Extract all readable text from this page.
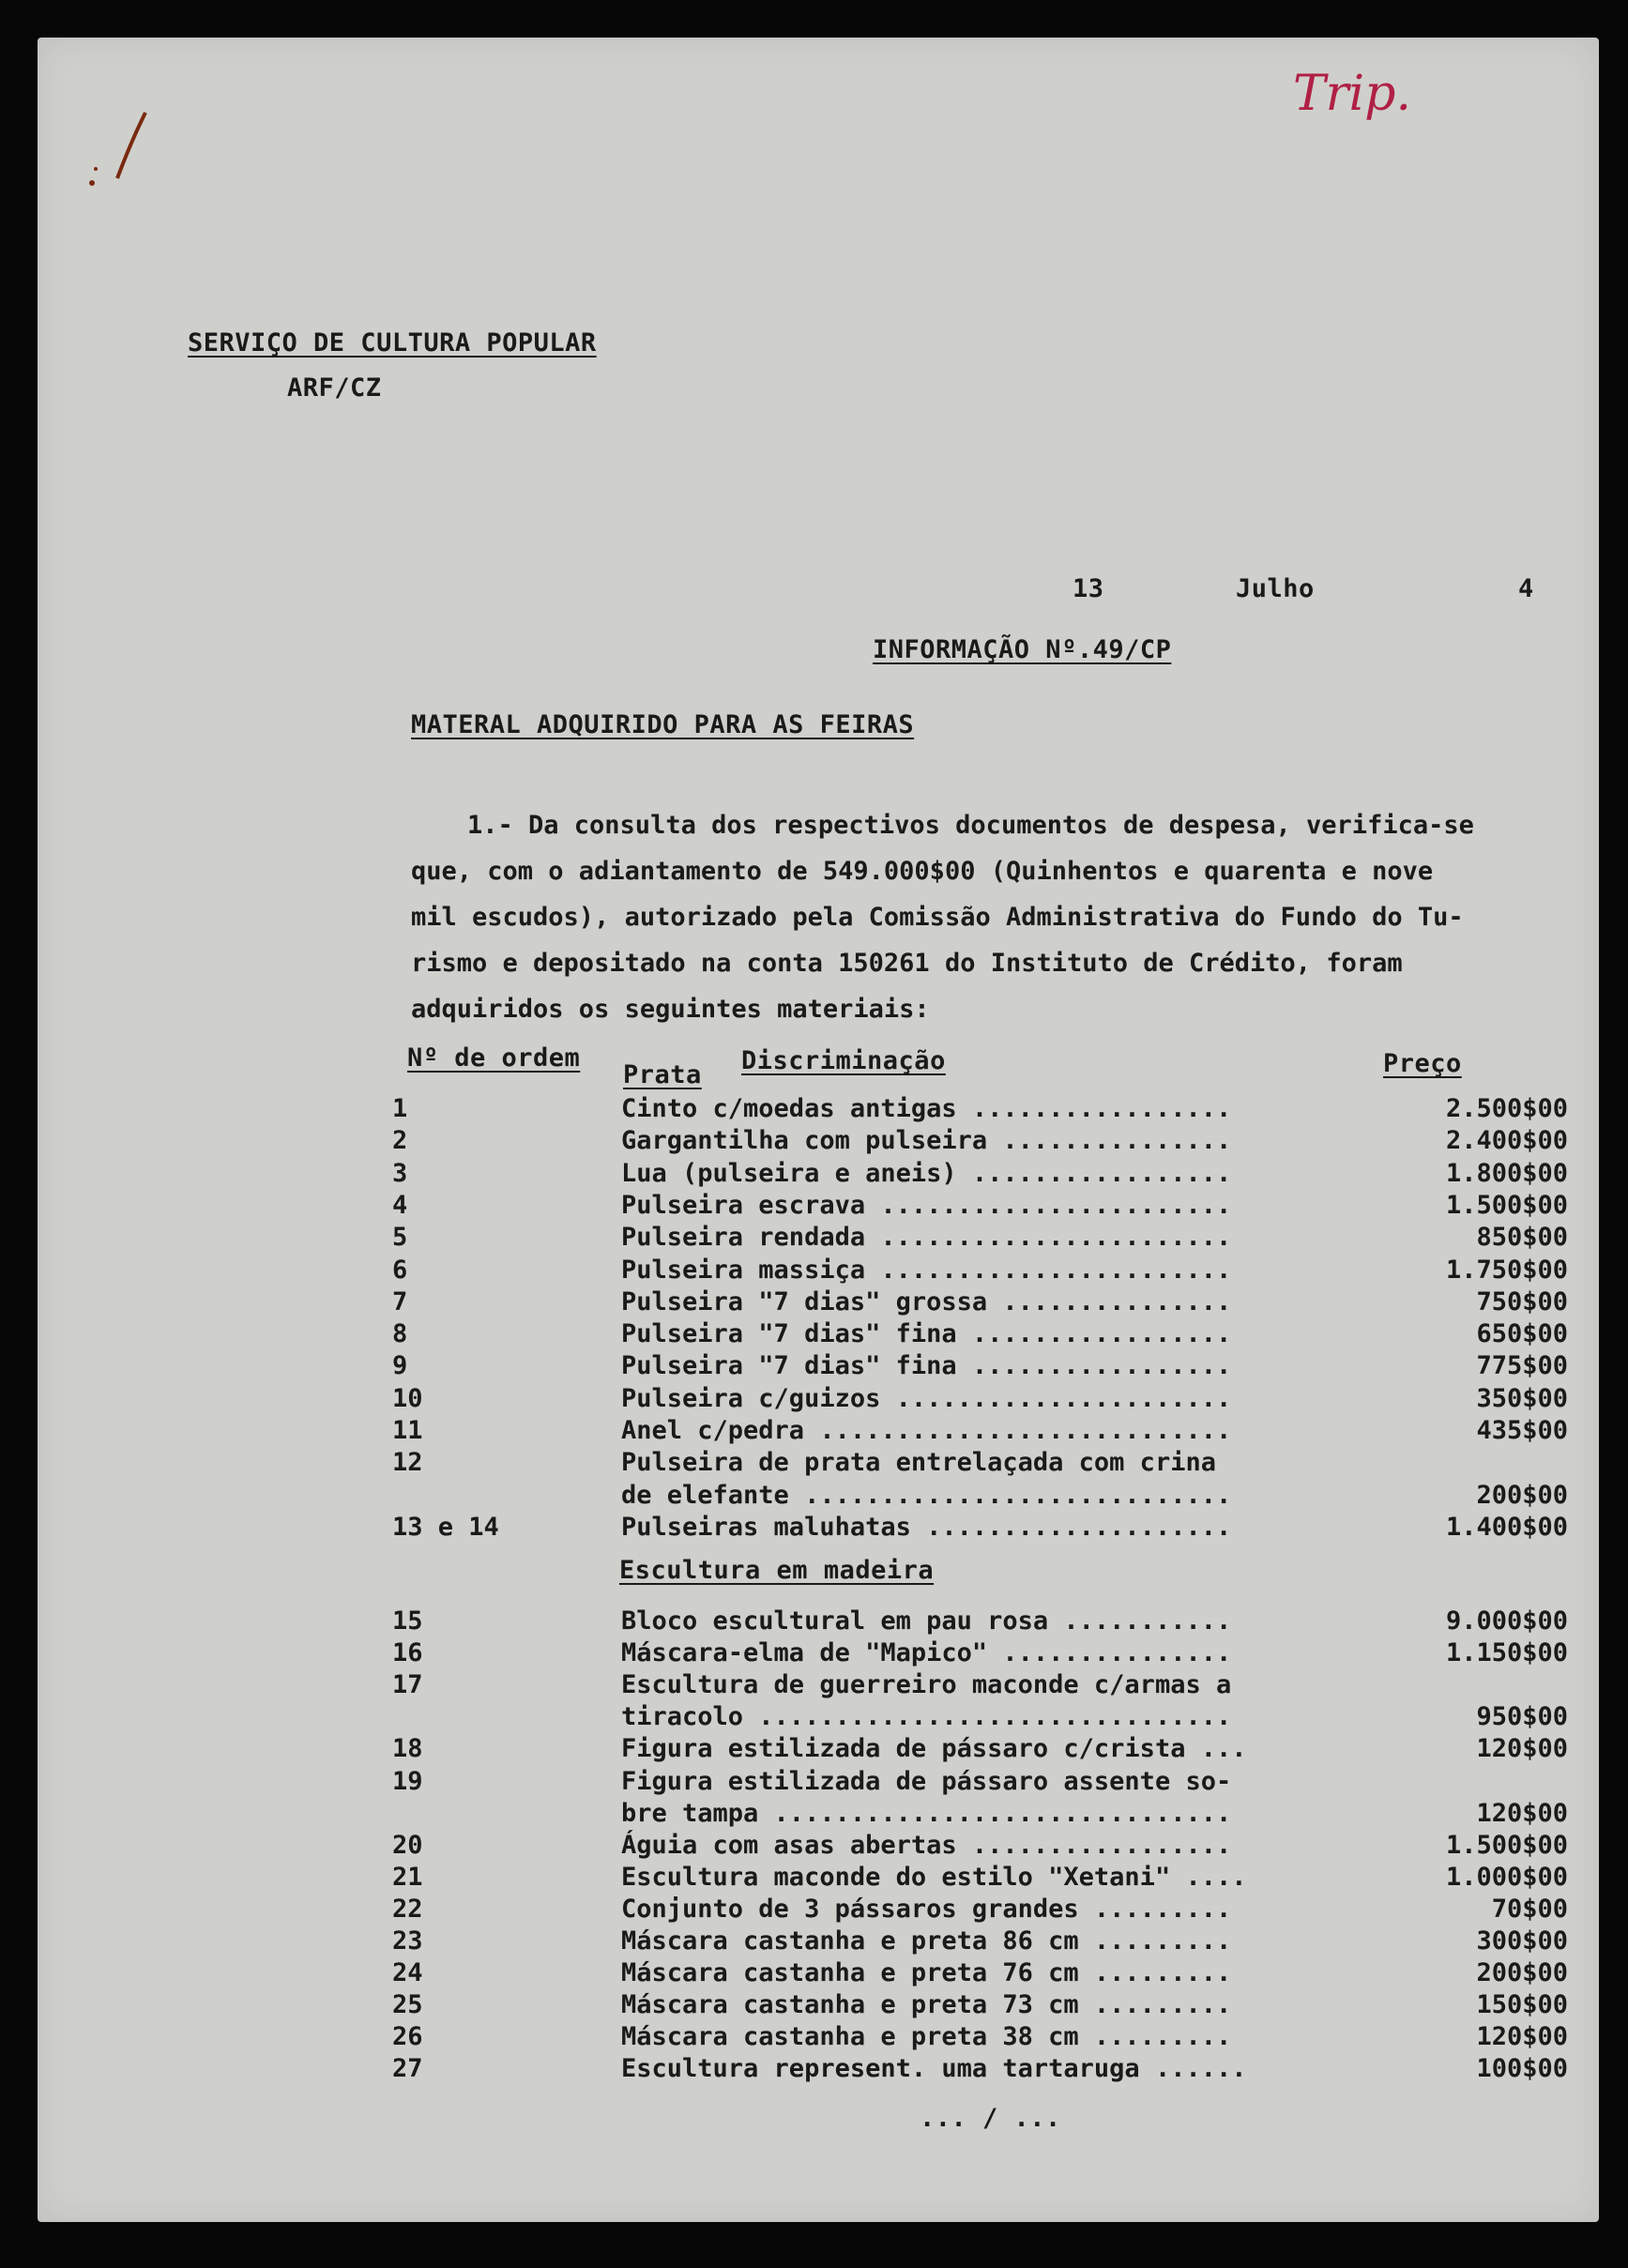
Trip.
SERVIÇO DE CULTURA POPULAR
ARF/CZ
13	Julho	4
INFORMAÇÃO Nº.49/CP
MATERAL ADQUIRIDO PARA AS FEIRAS
1.- Da consulta dos respectivos documentos de despesa, verifica-se
que, com o adiantamento de 549.000$00 (Quinhentos e quarenta e nove
mil escudos), autorizado pela Comissão Administrativa do Fundo do Tu-
rismo e depositado na conta 150261 do Instituto de Crédito, foram
adquiridos os seguintes materiais:
Nº de ordem	Discriminação	Preço
Prata
1	Cinto c/moedas antigas .................	2.500$00
2	Gargantilha com pulseira ...............	2.400$00
3	Lua (pulseira e aneis) .................	1.800$00
4	Pulseira escrava .......................	1.500$00
5	Pulseira rendada .......................	850$00
6	Pulseira massiça .......................	1.750$00
7	Pulseira "7 dias" grossa ...............	750$00
8	Pulseira "7 dias" fina .................	650$00
9	Pulseira "7 dias" fina .................	775$00
10	Pulseira c/guizos ......................	350$00
11	Anel c/pedra ...........................	435$00
12	Pulseira de prata entrelaçada com crina
de elefante ............................	200$00
13 e 14	Pulseiras maluhatas ....................	1.400$00
Escultura em madeira
15	Bloco escultural em pau rosa ...........	9.000$00
16	Máscara-elma de "Mapico" ...............	1.150$00
17	Escultura de guerreiro maconde c/armas a
tiracolo ...............................	950$00
18	Figura estilizada de pássaro c/crista ...	120$00
19	Figura estilizada de pássaro assente so-
bre tampa ..............................	120$00
20	Águia com asas abertas .................	1.500$00
21	Escultura maconde do estilo "Xetani" ....	1.000$00
22	Conjunto de 3 pássaros grandes .........	70$00
23	Máscara castanha e preta 86 cm .........	300$00
24	Máscara castanha e preta 76 cm .........	200$00
25	Máscara castanha e preta 73 cm .........	150$00
26	Máscara castanha e preta 38 cm .........	120$00
27	Escultura represent. uma tartaruga ......	100$00
... / ...
